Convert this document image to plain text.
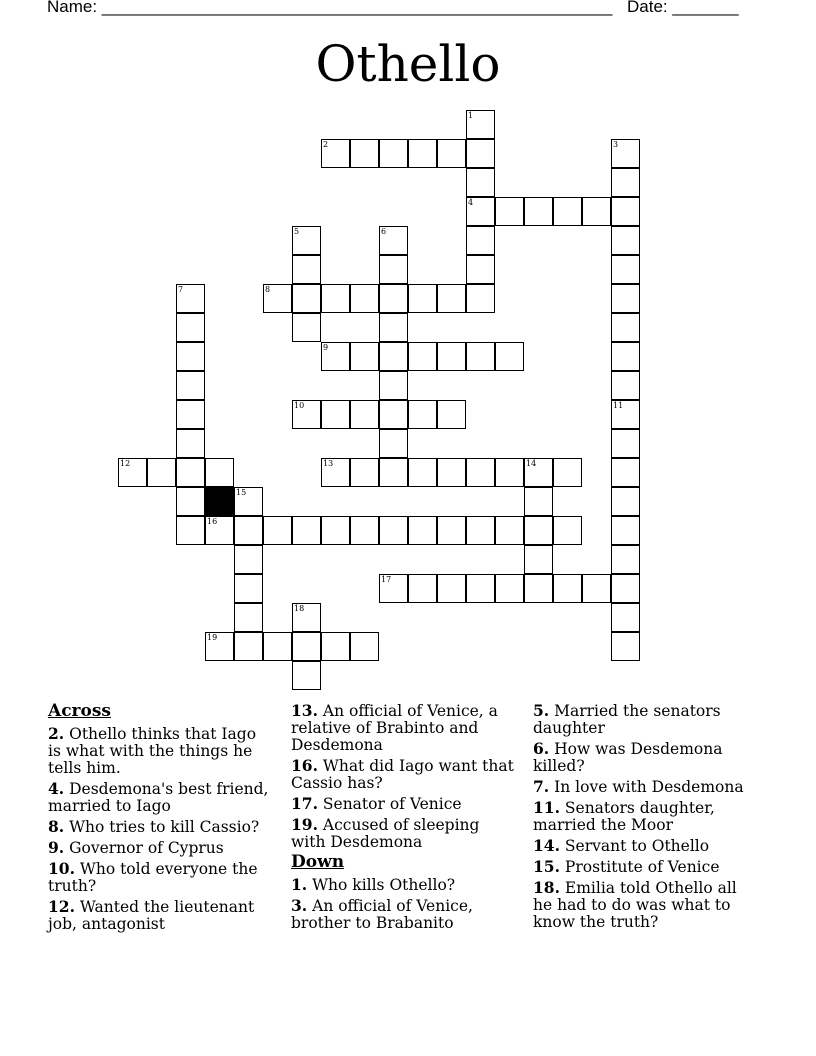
Name: ______________________________________________________ Date: _______
Othello
1
4
2	3
5	6
7	8
9
10	11
12	13	14
15
16
17
18
19
Across
2. Othello thinks that Iago is what with the things he tells him.
4. Desdemona's best friend, married to Iago
8. Who tries to kill Cassio?
9. Governor of Cyprus
10. Who told everyone the truth?
12. Wanted the lieutenant job, antagonist
13. An official of Venice, a relative of Brabinto and Desdemona
16. What did Iago want that Cassio has?
17. Senator of Venice
19. Accused of sleeping with Desdemona
Down
1. Who kills Othello?
3. An official of Venice, brother to Brabanito
5. Married the senators daughter
6. How was Desdemona killed?
7. In love with Desdemona
11. Senators daughter, married the Moor
14. Servant to Othello
15. Prostitute of Venice
18. Emilia told Othello all he had to do was what to know the truth?
